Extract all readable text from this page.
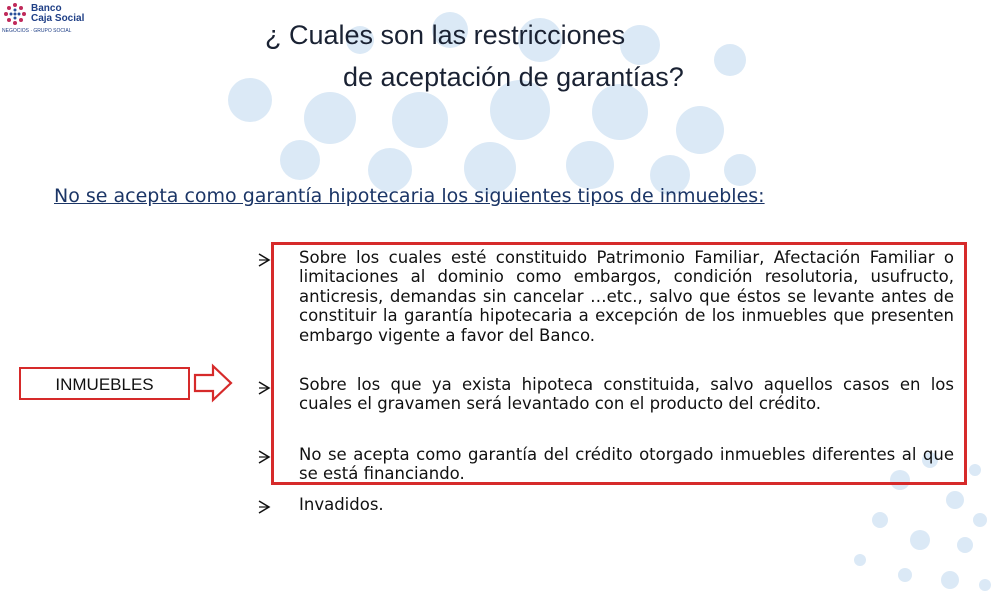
Banco
Caja Social
NEGOCIOS · GRUPO SOCIAL	¿ Cuales son las restricciones
de aceptación de garantías?
No se acepta como garantía hipotecaria los siguientes tipos de inmuebles:
INMUEBLES
Sobre los cuales esté constituido Patrimonio Familiar, Afectación Familiar o limitaciones al dominio como embargos, condición resolutoria, usufructo, anticresis, demandas sin cancelar …etc., salvo que éstos se levante antes de constituir la garantía hipotecaria a excepción de los inmuebles que presenten embargo vigente a favor del Banco.
Sobre los que ya exista hipoteca constituida, salvo aquellos casos en los cuales el gravamen será levantado con el producto del crédito.
No se acepta como garantía del crédito otorgado inmuebles diferentes al que se está financiando.
Invadidos.
